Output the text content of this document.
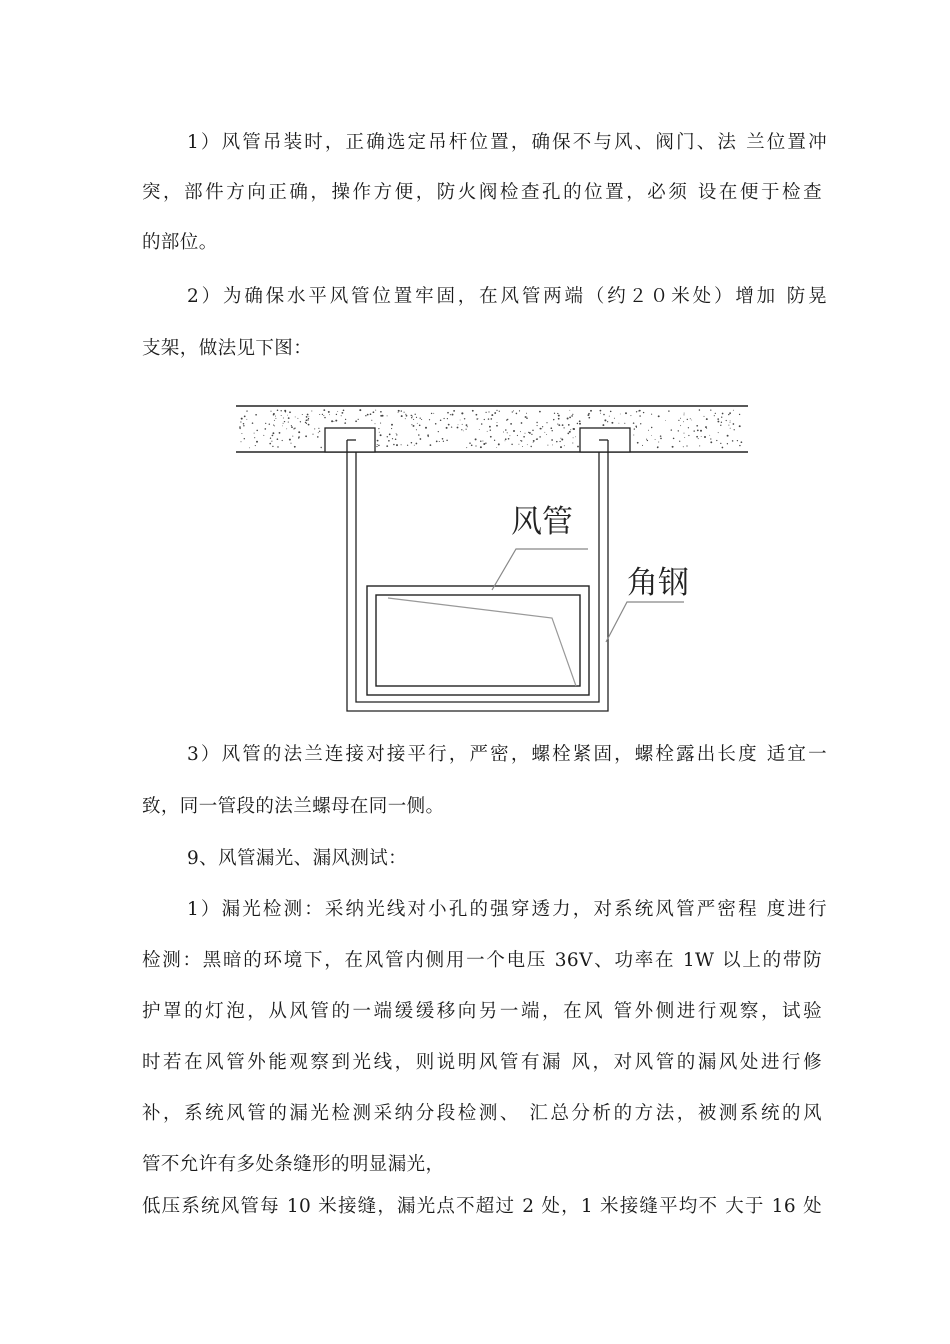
1）风管吊装时，正确选定吊杆位置，确保不与风、阀门、法 兰位置冲
突，部件方向正确，操作方便，防火阀检查孔的位置，必须 设在便于检查
的部位。
2）为确保水平风管位置牢固，在风管两端（约２０米处）增加 防晃
支架，做法见下图：
风管
角钢
3）风管的法兰连接对接平行，严密，螺栓紧固，螺栓露出长度 适宜一
致，同一管段的法兰螺母在同一侧。
9、风管漏光、漏风测试：
1）漏光检测：采纳光线对小孔的强穿透力，对系统风管严密程 度进行
检测：黑暗的环境下，在风管内侧用一个电压 36V、功率在 1W 以上的带防
护罩的灯泡，从风管的一端缓缓移向另一端，在风 管外侧进行观察，试验
时若在风管外能观察到光线，则说明风管有漏 风，对风管的漏风处进行修
补，系统风管的漏光检测采纳分段检测、 汇总分析的方法，被测系统的风
管不允许有多处条缝形的明显漏光，
低压系统风管每 10 米接缝，漏光点不超过 2 处，1 米接缝平均不 大于 16 处
